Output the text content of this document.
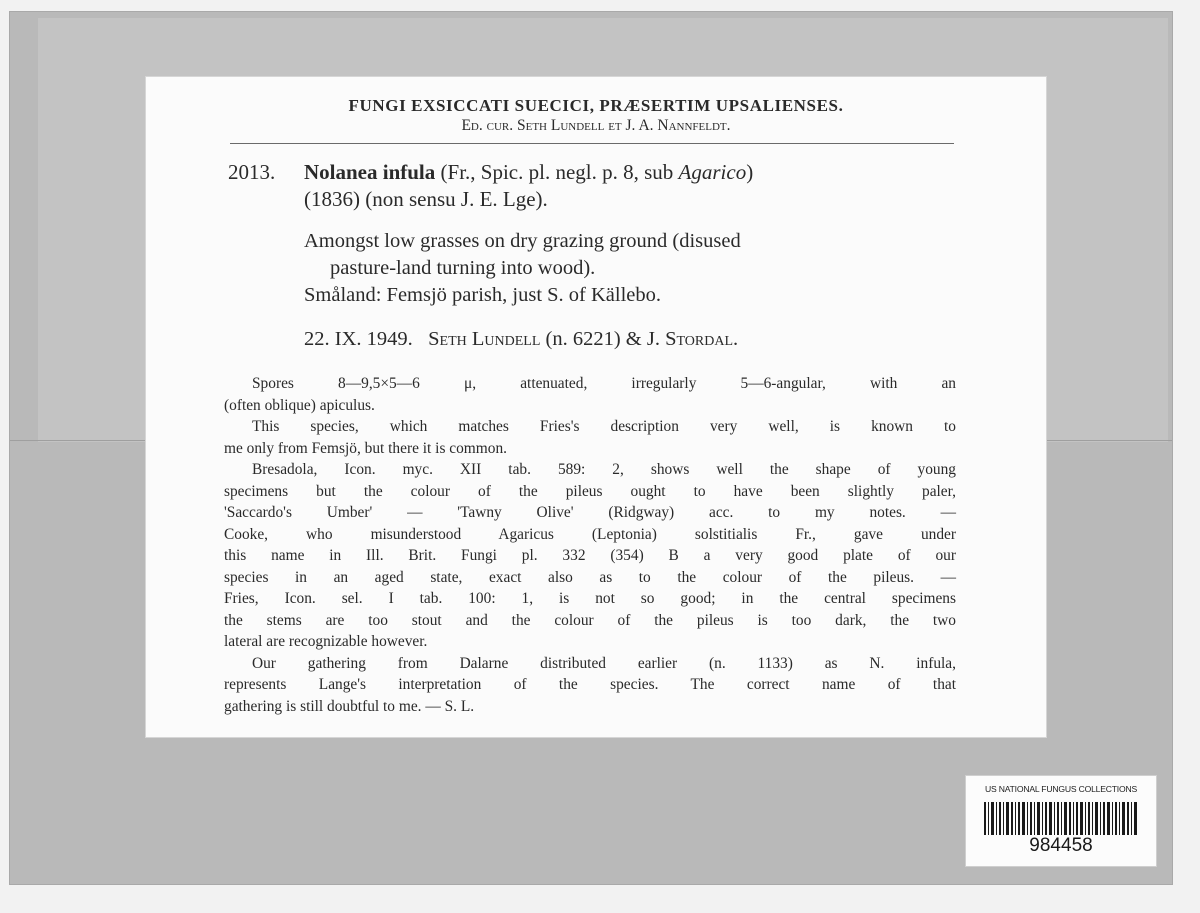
FUNGI EXSICCATI SUECICI, PRÆSERTIM UPSALIENSES.
Ed. cur. Seth Lundell et J. A. Nannfeldt.
2013. Nolanea infula (Fr., Spic. pl. negl. p. 8, sub Agarico)
(1836) (non sensu J. E. Lge).
Amongst low grasses on dry grazing ground (disused
pasture-land turning into wood).
Småland: Femsjö parish, just S. of Källebo.
22. IX. 1949. Seth Lundell (n. 6221) & J. Stordal.
Spores 8—9,5×5—6 μ, attenuated, irregularly 5—6-angular, with an
(often oblique) apiculus.
This species, which matches Fries's description very well, is known to
me only from Femsjö, but there it is common.
Bresadola, Icon. myc. XII tab. 589: 2, shows well the shape of young
specimens but the colour of the pileus ought to have been slightly paler,
'Saccardo's Umber' — 'Tawny Olive' (Ridgway) acc. to my notes. —
Cooke, who misunderstood Agaricus (Leptonia) solstitialis Fr., gave under
this name in Ill. Brit. Fungi pl. 332 (354) B a very good plate of our
species in an aged state, exact also as to the colour of the pileus. —
Fries, Icon. sel. I tab. 100: 1, is not so good; in the central specimens
the stems are too stout and the colour of the pileus is too dark, the two
lateral are recognizable however.
Our gathering from Dalarne distributed earlier (n. 1133) as N. infula,
represents Lange's interpretation of the species. The correct name of that
gathering is still doubtful to me. — S. L.
US NATIONAL FUNGUS COLLECTIONS
984458
